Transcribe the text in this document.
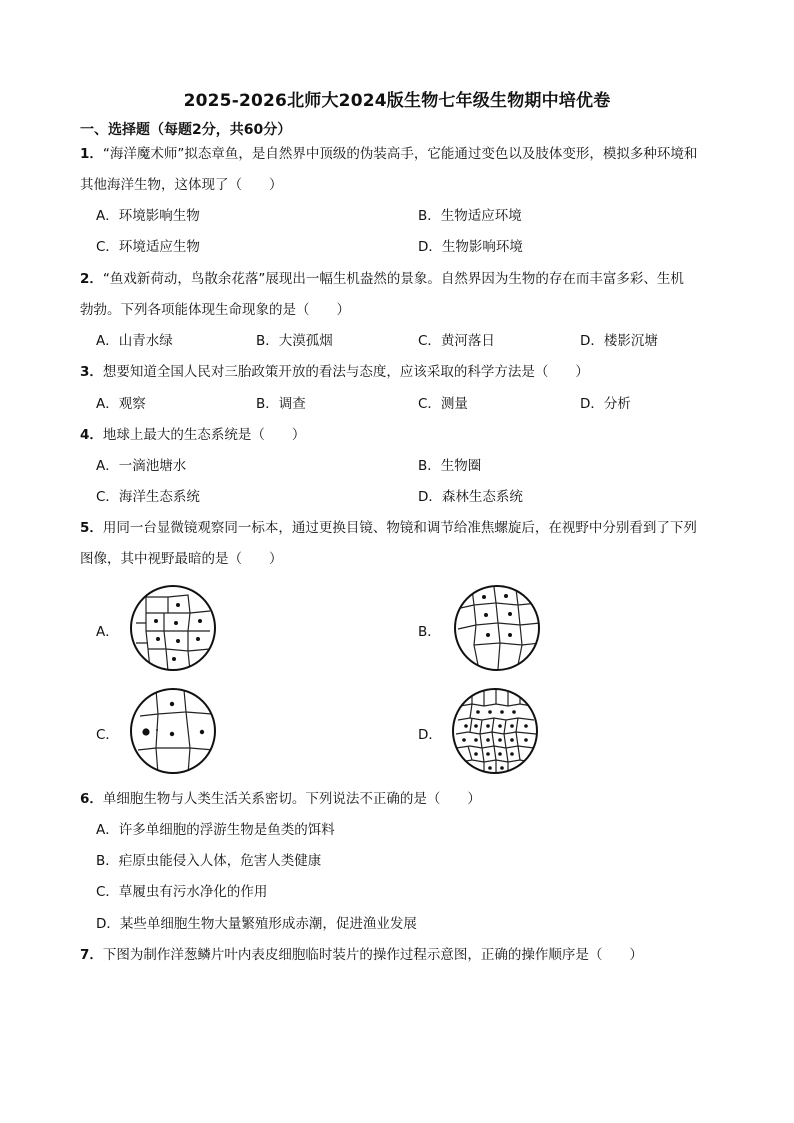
2025-2026北师大2024版生物七年级生物期中培优卷
一、选择题（每题2分，共60分）
1．“海洋魔术师”拟态章鱼，是自然界中顶级的伪装高手，它能通过变色以及肢体变形，模拟多种环境和
其他海洋生物，这体现了（　　）
A．环境影响生物	B．生物适应环境
C．环境适应生物	D．生物影响环境
2．“鱼戏新荷动，鸟散余花落”展现出一幅生机盎然的景象。自然界因为生物的存在而丰富多彩、生机
勃勃。下列各项能体现生命现象的是（　　）
A．山青水绿	B．大漠孤烟	C．黄河落日	D．楼影沉塘
3．想要知道全国人民对三胎政策开放的看法与态度，应该采取的科学方法是（　　）
A．观察	B．调查	C．测量	D．分析
4．地球上最大的生态系统是（　　）
A．一滴池塘水	B．生物圈
C．海洋生态系统	D．森林生态系统
5．用同一台显微镜观察同一标本，通过更换目镜、物镜和调节给准焦螺旋后，在视野中分别看到了下列
图像，其中视野最暗的是（　　）
A．	B．
C．	D．
6．单细胞生物与人类生活关系密切。下列说法不正确的是（　　）
A．许多单细胞的浮游生物是鱼类的饵料
B．疟原虫能侵入人体，危害人类健康
C．草履虫有污水净化的作用
D．某些单细胞生物大量繁殖形成赤潮，促进渔业发展
7．下图为制作洋葱鳞片叶内表皮细胞临时装片的操作过程示意图，正确的操作顺序是（　　）
